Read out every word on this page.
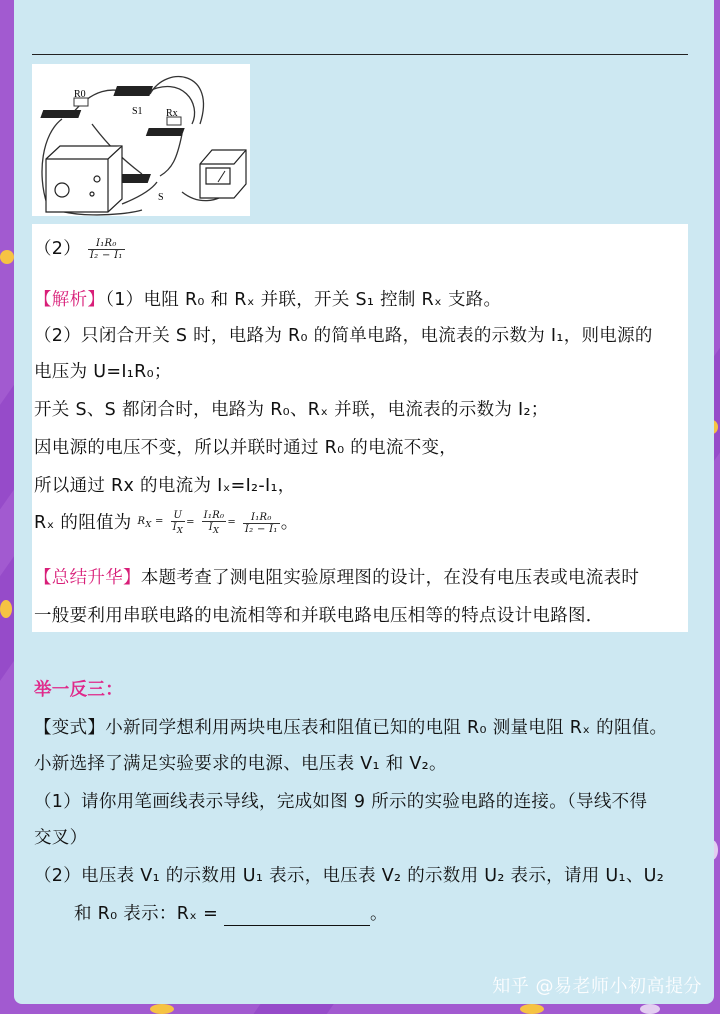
R0
S1 Rx
S
$(2) \frac{\text{I₁R₀}}{\text{I₂ − I₁}}$
【解析】（1）电阻 R₀ 和 Rₓ 并联，开关 S₁ 控制 Rₓ 支路。
（2）只闭合开关 S 时，电路为 R₀ 的简单电路，电流表的示数为 I₁，则电源的
电压为 U=I₁R₀；
开关 S、S 都闭合时，电路为 R₀、Rₓ 并联，电流表的示数为 I₂；
因电源的电压不变，所以并联时通过 R₀ 的电流不变，
所以通过 Rx 的电流为 Iₓ=I₂-I₁，
Rₓ 的阻值为 $R_X = \frac{U}{I_X} = \frac{\text{I₁R₀}}{I_X} = \frac{\text{I₁R₀}}{\text{I₂ − I₁}}$ 。
【总结升华】本题考查了测电阻实验原理图的设计，在没有电压表或电流表时
一般要利用串联电路的电流相等和并联电路电压相等的特点设计电路图．
举一反三：
【变式】小新同学想利用两块电压表和阻值已知的电阻 R₀ 测量电阻 Rₓ 的阻值。
小新选择了满足实验要求的电源、电压表 V₁ 和 V₂。
（1）请你用笔画线表示导线，完成如图 9 所示的实验电路的连接。（导线不得
交叉）
（2）电压表 V₁ 的示数用 U₁ 表示，电压表 V₂ 的示数用 U₂ 表示，请用 U₁、U₂
和 R₀ 表示：Rₓ =	。
知乎 @易老师小初高提分
